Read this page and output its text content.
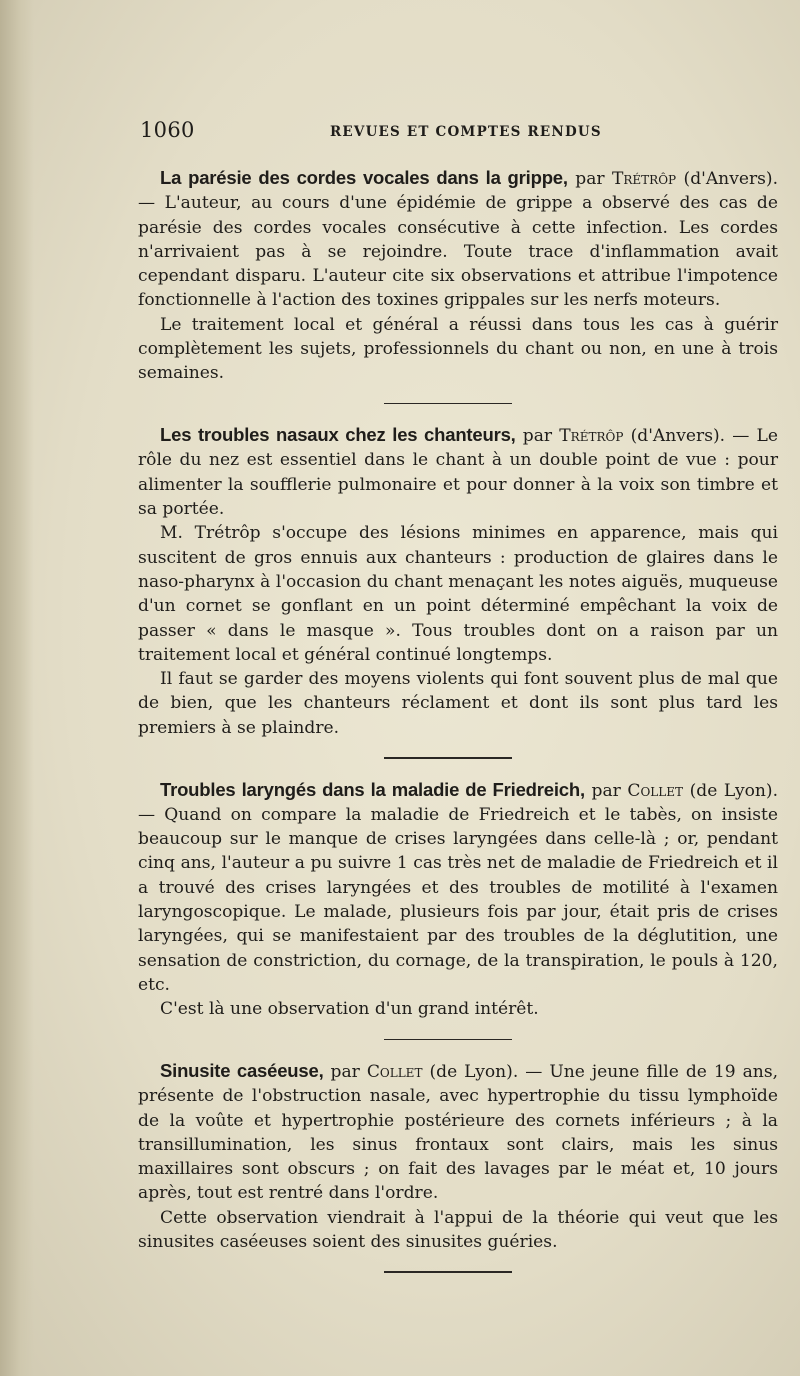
1060	REVUES ET COMPTES RENDUS

La parésie des cordes vocales dans la grippe, par Trétrôp (d'Anvers). — L'auteur, au cours d'une épidémie de grippe a observé des cas de parésie des cordes vocales consécutive à cette infection. Les cordes n'arrivaient pas à se rejoindre. Toute trace d'inflammation avait cependant disparu. L'auteur cite six observations et attribue l'impotence fonctionnelle à l'action des toxines grippales sur les nerfs moteurs.

Le traitement local et général a réussi dans tous les cas à guérir complètement les sujets, professionnels du chant ou non, en une à trois semaines.

Les troubles nasaux chez les chanteurs, par Trétrôp (d'Anvers). — Le rôle du nez est essentiel dans le chant à un double point de vue : pour alimenter la soufflerie pulmonaire et pour donner à la voix son timbre et sa portée.

M. Trétrôp s'occupe des lésions minimes en apparence, mais qui suscitent de gros ennuis aux chanteurs : production de glaires dans le naso-pharynx à l'occasion du chant menaçant les notes aiguës, muqueuse d'un cornet se gonflant en un point déterminé empêchant la voix de passer « dans le masque ». Tous troubles dont on a raison par un traitement local et général continué longtemps.

Il faut se garder des moyens violents qui font souvent plus de mal que de bien, que les chanteurs réclament et dont ils sont plus tard les premiers à se plaindre.

Troubles laryngés dans la maladie de Friedreich, par Collet (de Lyon). — Quand on compare la maladie de Friedreich et le tabès, on insiste beaucoup sur le manque de crises laryngées dans celle-là ; or, pendant cinq ans, l'auteur a pu suivre 1 cas très net de maladie de Friedreich et il a trouvé des crises laryngées et des troubles de motilité à l'examen laryngoscopique. Le malade, plusieurs fois par jour, était pris de crises laryngées, qui se manifestaient par des troubles de la déglutition, une sensation de constriction, du cornage, de la transpiration, le pouls à 120, etc.

C'est là une observation d'un grand intérêt.

Sinusite caséeuse, par Collet (de Lyon). — Une jeune fille de 19 ans, présente de l'obstruction nasale, avec hypertrophie du tissu lymphoïde de la voûte et hypertrophie postérieure des cornets inférieurs ; à la transillumination, les sinus frontaux sont clairs, mais les sinus maxillaires sont obscurs ; on fait des lavages par le méat et, 10 jours après, tout est rentré dans l'ordre.

Cette observation viendrait à l'appui de la théorie qui veut que les sinusites caséeuses soient des sinusites guéries.
